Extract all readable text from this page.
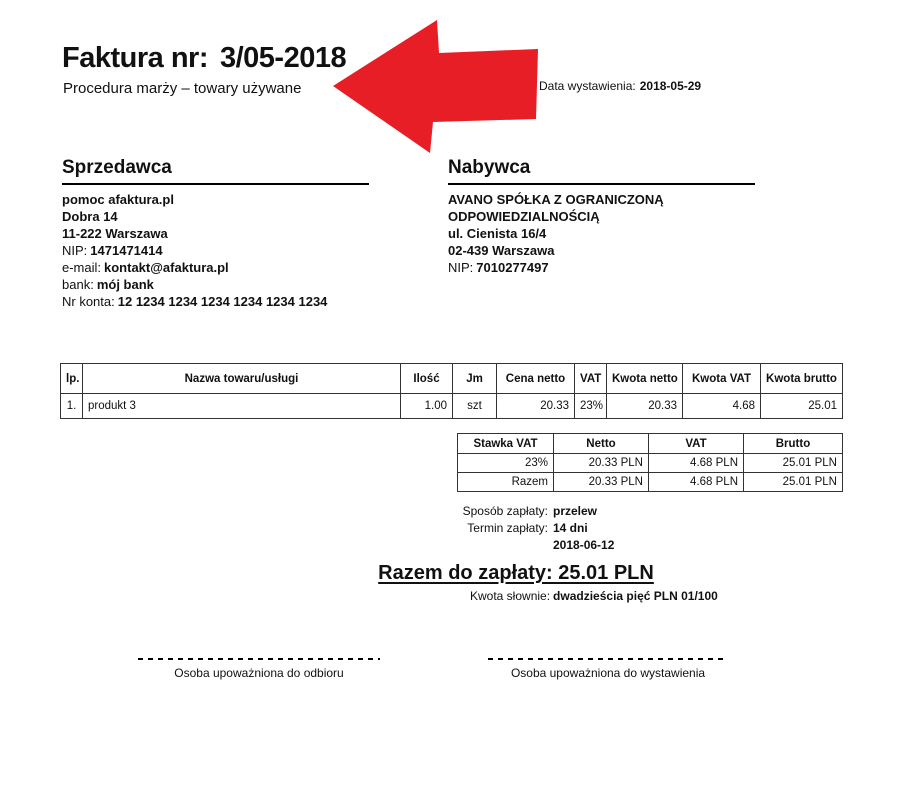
Faktura nr: 3/05-2018
Procedura marży – towary używane	Data wystawienia: 2018-05-29
Sprzedawca
pomoc afaktura.pl
Dobra 14
11-222 Warszawa
NIP: 1471471414
e-mail: kontakt@afaktura.pl
bank: mój bank
Nr konta: 12 1234 1234 1234 1234 1234 1234
Nabywca
AVANO SPÓŁKA Z OGRANICZONĄ ODPOWIEDZIALNOŚCIĄ
ul. Cienista 16/4
02-439 Warszawa
NIP: 7010277497
lp.	Nazwa towaru/usługi	Ilość	Jm	Cena netto	VAT	Kwota netto	Kwota VAT	Kwota brutto
1.	produkt 3	1.00	szt	20.33	23%	20.33	4.68	25.01
Stawka VAT	Netto	VAT	Brutto
23%	20.33 PLN	4.68 PLN	25.01 PLN
Razem	20.33 PLN	4.68 PLN	25.01 PLN
Sposób zapłaty: przelew
Termin zapłaty: 14 dni
2018-06-12
Razem do zapłaty: 25.01 PLN
Kwota słownie: dwadzieścia pięć PLN 01/100
Osoba upoważniona do odbioru	Osoba upoważniona do wystawienia
